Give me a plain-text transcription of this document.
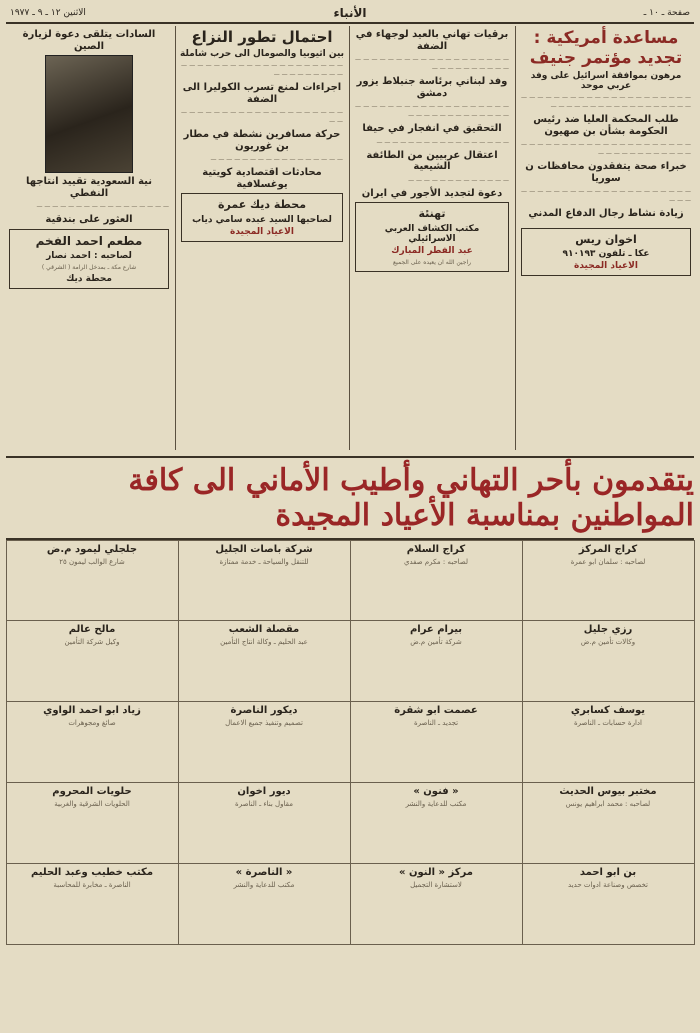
صفحة ـ ١٠ ـ
الأنباء
الاثنين ١٢ ـ ٩ ـ ١٩٧٧
مساعدة أمريكية : تجديد مؤتمر جنيف
مرهون بموافقة اسرائيل على وفد عربي موحد
— — — — — — — — — — — — — — — — — — — — — — — — — — — — — — — — — — — — — — —
طلب المحكمة العليا ضد رئيس الحكومة بشأن بن صهيون
— — — — — — — — — — — — — — — — — — — — — — — — — — — — — — — — —
خبراء صحة يتفقدون محافظات ن سوريا
— — — — — — — — — — — — — — — — — — — — — — — —
زيادة نشاط رجال الدفاع المدني
اخوان ريس
عكا ـ تلفون ٩١٠١٩٣
الاعياد المجيدة
برقيات تهاني بالعيد لوجهاء في الضفة
— — — — — — — — — — — — — — — — — — — — — — — — — — — — —
وفد لبناني برئاسة جنبلاط يزور دمشق
— — — — — — — — — — — — — — — — — — — — — — — — — — — — — — — —
التحقيق في انفجار في حيفا
— — — — — — — — — — — — — — — — —
اعتقال عربيين من الطائفة الشيعية
— — — — — — — — — — — — —
دعوة لتجديد الأجور في ايران
تهنئة
مكتب الكشاف العربي الاسرائيلي
عبد الفطر المبارك
راجين الله ان يعيده على الجميع
احتمال تطور النزاع
بين اثيوبيا والصومال الى حرب شاملة
— — — — — — — — — — — — — — — — — — — — — — — — — — — — —
اجراءات لمنع تسرب الكوليرا الى الضفة
— — — — — — — — — — — — — — — — — — — — — —
حركة مسافرين نشطة في مطار بن غوريون
— — — — — — — — — — — — — — — — —
محادثات اقتصادية كويتية يوغسلافية
محطة ديك عمرة
لصاحبها السيد عبده سامي دياب
الاعياد المجيدة
السادات يتلقى دعوة لزيارة الصين
نية السعودية تقييد انتاجها النفطي
— — — — — — — — — — — — — — — — —
العثور على بندقية
مطعم احمد الفخم
لصاحبه : احمد نصار
شارع مكة ـ بمدخل الرامة ( الشرقي )
محطة ديك
يتقدمون بأحر التهاني وأطيب الأماني الى كافة المواطنين بمناسبة الأعياد المجيدة
كراج المركز
لصاحبه : سلمان ابو عمرة
كراج السلام
لصاحبه : مكرم صفدي
شركة باصات الجليل
للتنقل والسياحة ـ خدمة ممتازة
جلجلي ليمود م.ض
شارع الوالب ليمون ٢٥
رزي جليل
وكالات تأمين م.ض
بيرام عرام
شركة تأمين م.ض
مقصلة الشعب
عبد الحليم ـ وكالة انتاج التأمين
مالح عالم
وكيل شركة التأمين
يوسف كسابري
ادارة حسابات ـ الناصرة
عصمت ابو شقرة
تجديد ـ الناصرة
ديكور الناصرة
تصميم وتنفيذ جميع الاعمال
زياد ابو احمد الواوي
صائغ ومجوهرات
مختبر بيوس الحديث
لصاحبه : محمد ابراهيم يونس
« فنون »
مكتب للدعاية والنشر
ديور اخوان
مقاول بناء ـ الناصرة
حلويات المحروم
الحلويات الشرقية والغربية
بن ابو احمد
تخصص وصناعة ادوات حديد
مركز « النون »
لاستشارة التجميل
« الناصرة »
مكتب للدعاية والنشر
مكتب خطيب وعبد الحليم
الناصرة ـ مخابرة للمحاسبة
